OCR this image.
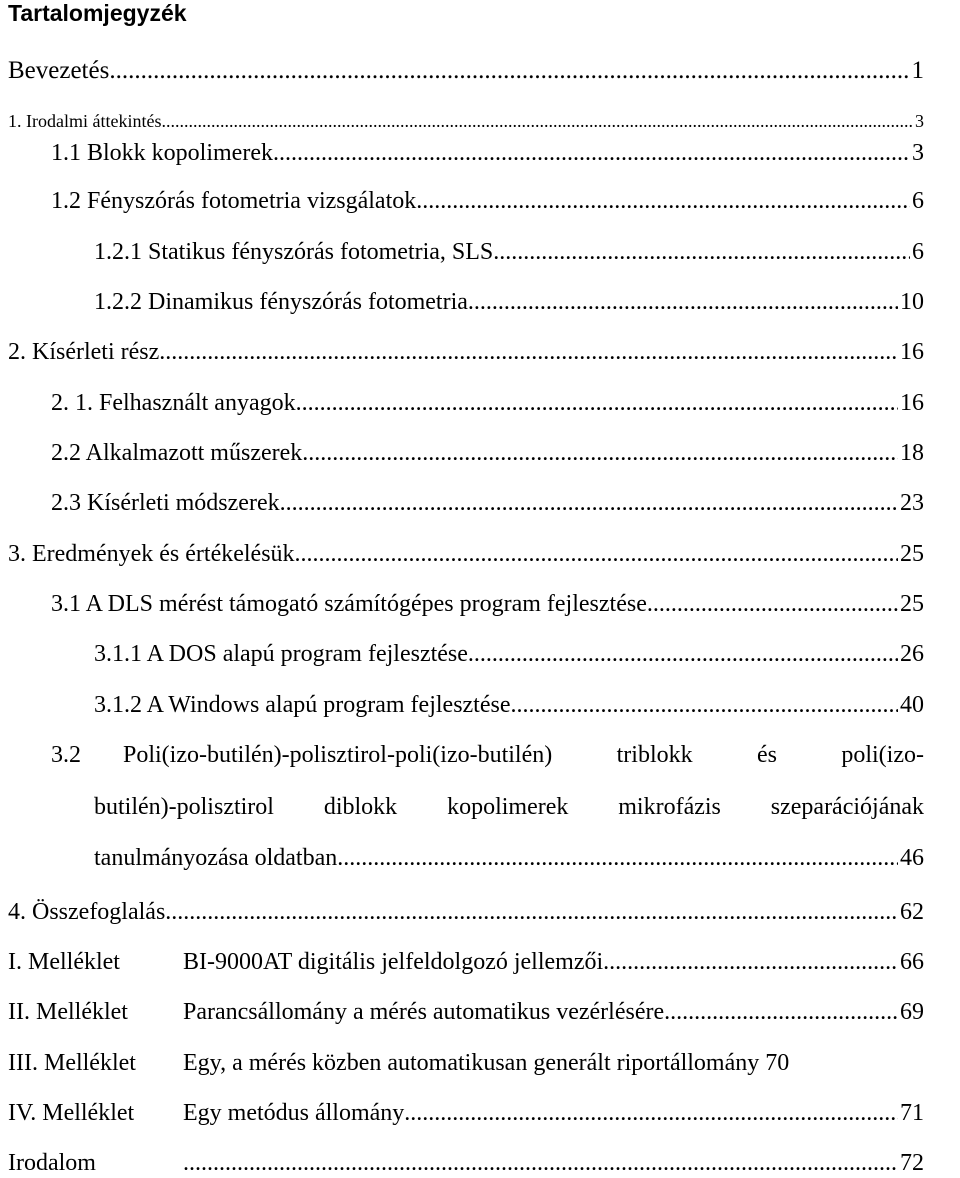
Tartalomjegyzék
Bevezetés .....	1
1. Irodalmi áttekintés .....	3
1.1 Blokk kopolimerek .....	3
1.2 Fényszórás fotometria vizsgálatok .....	6
1.2.1 Statikus fényszórás fotometria, SLS .....	6
1.2.2 Dinamikus fényszórás fotometria .....	10
2. Kísérleti rész .....	16
2. 1. Felhasznált anyagok .....	16
2.2 Alkalmazott műszerek .....	18
2.3 Kísérleti módszerek .....	23
3. Eredmények és értékelésük .....	25
3.1 A DLS mérést támogató számítógépes program fejlesztése .....	25
3.1.1 A DOS alapú program fejlesztése .....	26
3.1.2 A Windows alapú program fejlesztése .....	40
3.2	Poli(izo-butilén)-polisztirol-poli(izo-butilén) triblokk és poli(izo-
butilén)-polisztirol diblokk kopolimerek mikrofázis szeparációjának
tanulmányozása oldatban .....	46
4. Összefoglalás .....	62
I. Melléklet	BI-9000AT digitális jelfeldolgozó jellemzői .....	66
II. Melléklet	Parancsállomány a mérés automatikus vezérlésére .....	69
III. Melléklet	Egy, a mérés közben automatikusan generált riportállomány 70
IV. Melléklet	Egy metódus állomány .....	71
Irodalom .....	72
